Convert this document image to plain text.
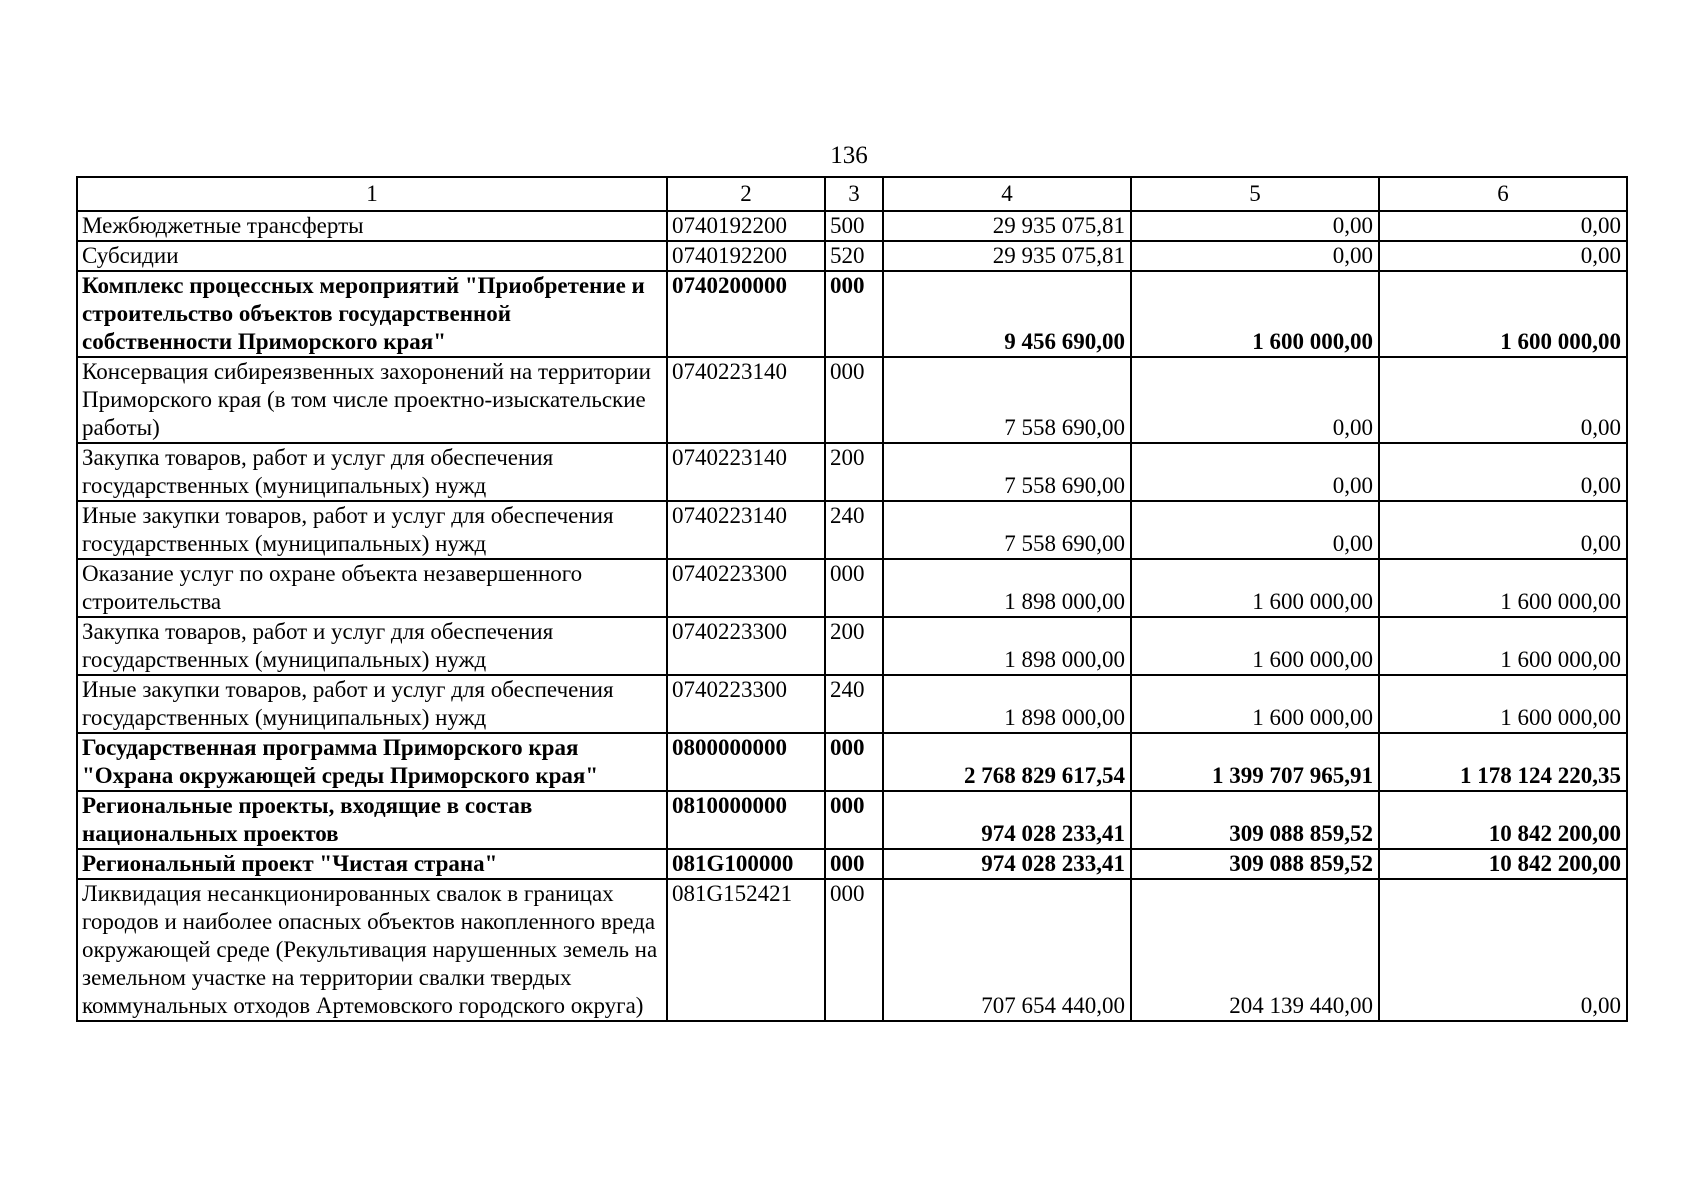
136
1	2	3	4	5	6
Межбюджетные трансферты	0740192200	500	29 935 075,81	0,00	0,00
Субсидии	0740192200	520	29 935 075,81	0,00	0,00
Комплекс процессных мероприятий "Приобретение и строительство объектов государственной собственности Приморского края"	0740200000	000	9 456 690,00	1 600 000,00	1 600 000,00
Консервация сибиреязвенных захоронений на территории Приморского края (в том числе проектно-изыскательские работы)	0740223140	000	7 558 690,00	0,00	0,00
Закупка товаров, работ и услуг для обеспечения государственных (муниципальных) нужд	0740223140	200	7 558 690,00	0,00	0,00
Иные закупки товаров, работ и услуг для обеспечения государственных (муниципальных) нужд	0740223140	240	7 558 690,00	0,00	0,00
Оказание услуг по охране объекта незавершенного строительства	0740223300	000	1 898 000,00	1 600 000,00	1 600 000,00
Закупка товаров, работ и услуг для обеспечения государственных (муниципальных) нужд	0740223300	200	1 898 000,00	1 600 000,00	1 600 000,00
Иные закупки товаров, работ и услуг для обеспечения государственных (муниципальных) нужд	0740223300	240	1 898 000,00	1 600 000,00	1 600 000,00
Государственная программа Приморского края "Охрана окружающей среды Приморского края"	0800000000	000	2 768 829 617,54	1 399 707 965,91	1 178 124 220,35
Региональные проекты, входящие в состав национальных проектов	0810000000	000	974 028 233,41	309 088 859,52	10 842 200,00
Региональный проект "Чистая страна"	081G100000	000	974 028 233,41	309 088 859,52	10 842 200,00
Ликвидация несанкционированных свалок в границах городов и наиболее опасных объектов накопленного вреда окружающей среде (Рекультивация нарушенных земель на земельном участке на территории свалки твердых коммунальных отходов Артемовского городского округа)	081G152421	000	707 654 440,00	204 139 440,00	0,00
